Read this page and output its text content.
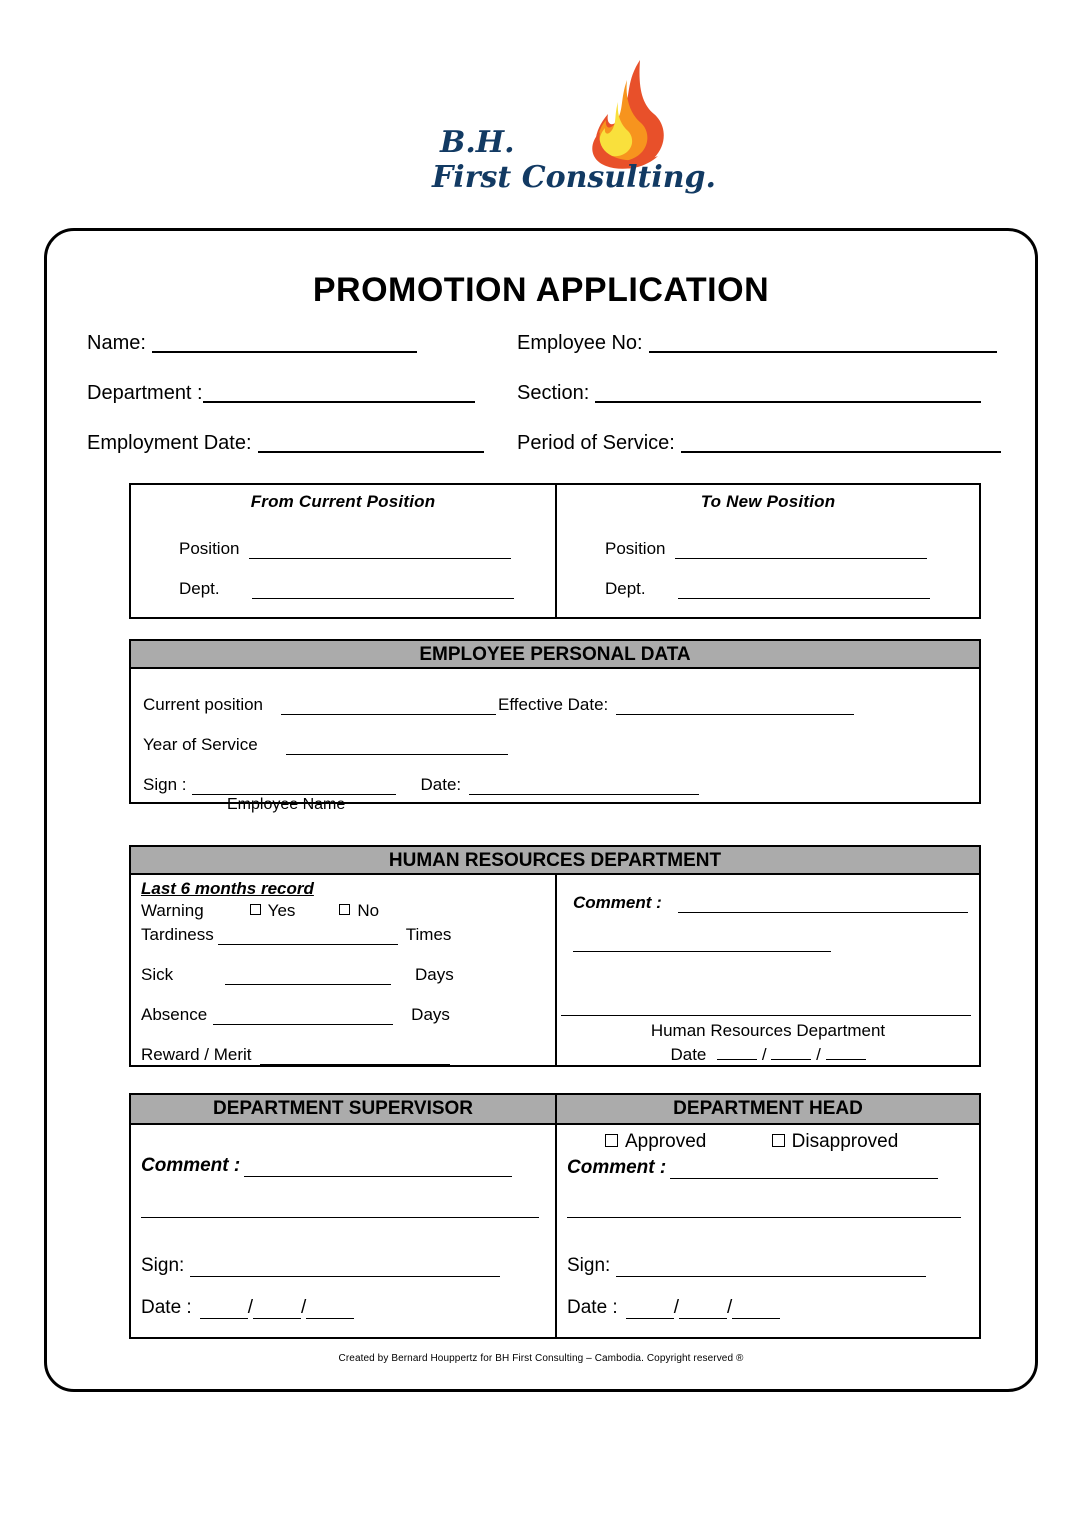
B.H.
First Consulting.
PROMOTION APPLICATION
Name:	Employee No:
Department :	Section:
Employment Date:	Period of Service:
From Current Position
Position
Dept.
To New Position
Position
Dept.
EMPLOYEE PERSONAL DATA
Current position	Effective Date:
Year of Service
Sign :	Date:
Employee Name
HUMAN RESOURCES DEPARTMENT
Last 6 months record
Warning	Yes	No
Tardiness	Times
Sick	Days
Absence	Days
Reward / Merit
Comment :
Human Resources Department
Date	/	/
DEPARTMENT SUPERVISOR	DEPARTMENT HEAD
Comment :
Sign:
Date :	/	/
Approved
	Disapproved
Comment :
Sign:
Date :	/	/
Created by Bernard Houppertz for BH First Consulting – Cambodia. Copyright reserved ®
